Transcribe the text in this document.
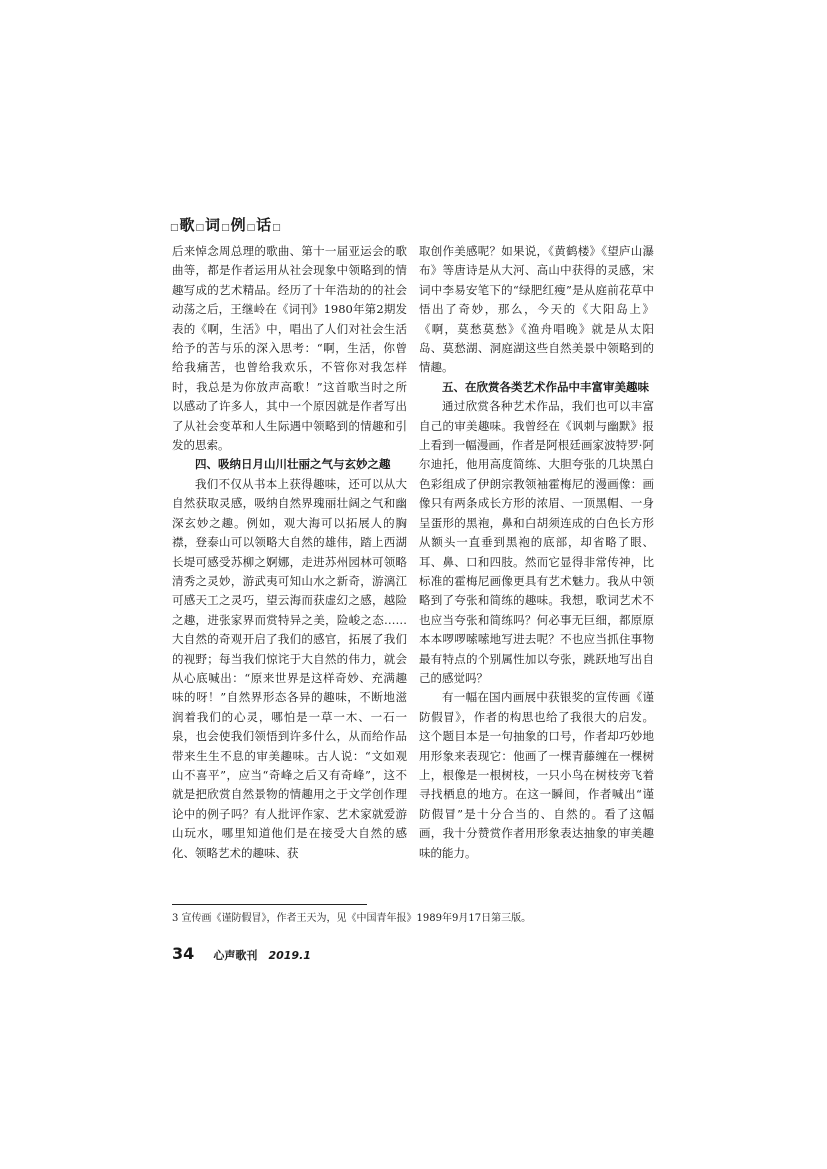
□歌□词□例□话□

后来悼念周总理的歌曲、第十一届亚运会的歌曲等，都是作者运用从社会现象中领略到的情趣写成的艺术精品。经历了十年浩劫的的社会动荡之后，王继岭在《词刊》1980年第2期发表的《啊，生活》中，唱出了人们对社会生活给予的苦与乐的深入思考：“啊，生活，你曾给我痛苦，也曾给我欢乐，不管你对我怎样时，我总是为你放声高歌！”这首歌当时之所以感动了许多人，其中一个原因就是作者写出了从社会变革和人生际遇中领略到的情趣和引发的思索。

四、吸纳日月山川壮丽之气与玄妙之趣

我们不仅从书本上获得趣味，还可以从大自然获取灵感，吸纳自然界瑰丽壮阔之气和幽深玄妙之趣。例如，观大海可以拓展人的胸襟，登泰山可以领略大自然的雄伟，踏上西湖长堤可感受苏柳之婀娜，走进苏州园林可领略清秀之灵妙，游武夷可知山水之新奇，游漓江可感天工之灵巧，望云海而获虚幻之感，越险之趣，进张家界而赏特异之美，险峻之态……大自然的奇观开启了我们的感官，拓展了我们的视野；每当我们惊诧于大自然的伟力，就会从心底喊出：“原来世界是这样奇妙、充满趣味的呀！”自然界形态各异的趣味，不断地滋润着我们的心灵，哪怕是一草一木、一石一泉，也会使我们领悟到许多什么，从而给作品带来生生不息的审美趣味。古人说：“文如观山不喜平”，应当“奇峰之后又有奇峰”，这不就是把欣赏自然景物的情趣用之于文学创作理论中的例子吗？有人批评作家、艺术家就爱游山玩水，哪里知道他们是在接受大自然的感化、领略艺术的趣味、获

取创作美感呢？如果说，《黄鹤楼》《望庐山瀑布》等唐诗是从大河、高山中获得的灵感，宋词中李易安笔下的“绿肥红瘦”是从庭前花草中悟出了奇妙，那么，今天的《大阳岛上》《啊，莫愁莫愁》《渔舟唱晚》就是从太阳岛、莫愁湖、洞庭湖这些自然美景中领略到的情趣。

五、在欣赏各类艺术作品中丰富审美趣味

通过欣赏各种艺术作品，我们也可以丰富自己的审美趣味。我曾经在《讽刺与幽默》报上看到一幅漫画，作者是阿根廷画家波特罗·阿尔迪托，他用高度简练、大胆夸张的几块黑白色彩组成了伊朗宗教领袖霍梅尼的漫画像：画像只有两条成长方形的浓眉、一顶黑帽、一身呈蛋形的黑袍，鼻和白胡须连成的白色长方形从额头一直垂到黑袍的底部，却省略了眼、耳、鼻、口和四肢。然而它显得非常传神，比标准的霍梅尼画像更具有艺术魅力。我从中领略到了夸张和简练的趣味。我想，歌词艺术不也应当夸张和简练吗？何必事无巨细，都原原本本啰啰嗦嗦地写进去呢？不也应当抓住事物最有特点的个别属性加以夸张，跳跃地写出自己的感觉吗？

有一幅在国内画展中获银奖的宣传画《谨防假冒》，作者的构思也给了我很大的启发。这个题目本是一句抽象的口号，作者却巧妙地用形象来表现它：他画了一棵青藤缠在一棵树上，根像是一根树枝，一只小鸟在树枝旁飞着寻找栖息的地方。在这一瞬间，作者喊出“谨防假冒”是十分合当的、自然的。看了这幅画，我十分赞赏作者用形象表达抽象的审美趣味的能力。

3 宣传画《谨防假冒》，作者王天为，见《中国青年报》1989年9月17日第三版。
34 心声歌刊 2019.1
